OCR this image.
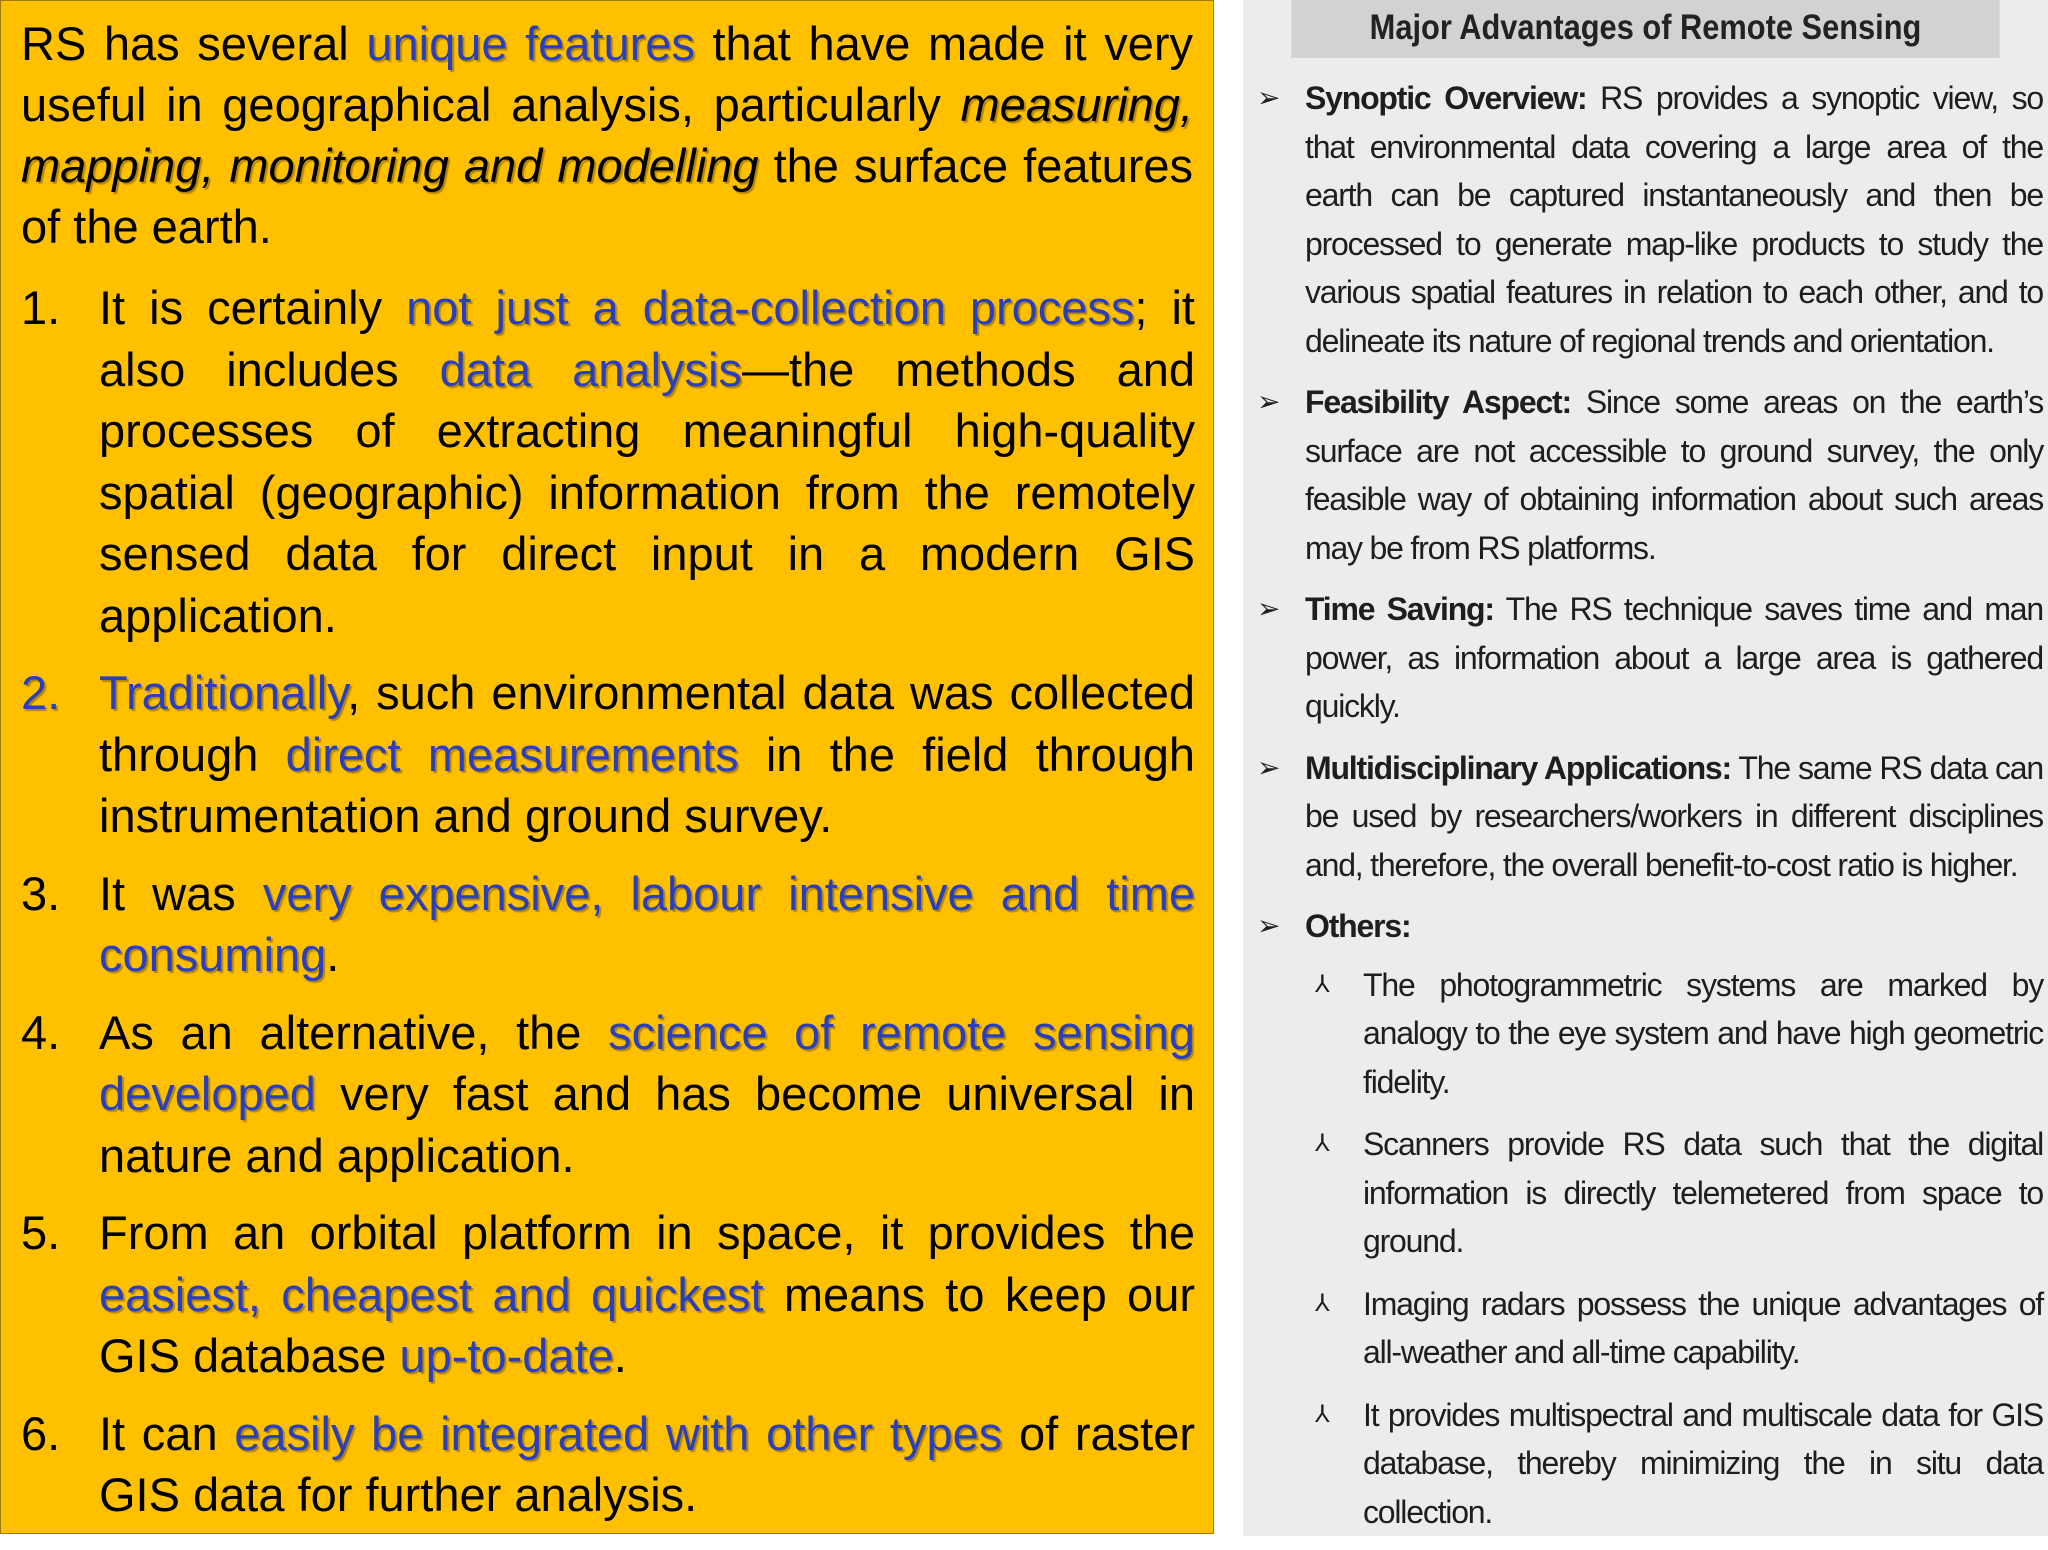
RS has several unique features that have made it very useful in geographical analysis, particularly measuring, mapping, monitoring and modelling the surface features of the earth.

1. It is certainly not just a data-collection process; it also includes data analysis—the methods and processes of extracting meaningful high-quality spatial (geographic) information from the remotely sensed data for direct input in a modern GIS application.
2. Traditionally, such environmental data was collected through direct measurements in the field through instrumentation and ground survey.
3. It was very expensive, labour intensive and time consuming.
4. As an alternative, the science of remote sensing developed very fast and has become universal in nature and application.
5. From an orbital platform in space, it provides the easiest, cheapest and quickest means to keep our GIS database up-to-date.
6. It can easily be integrated with other types of raster GIS data for further analysis.
Major Advantages of Remote Sensing
➢ Synoptic Overview: RS provides a synoptic view, so that environmental data covering a large area of the earth can be captured instantaneously and then be processed to generate map-like products to study the various spatial features in relation to each other, and to delineate its nature of regional trends and orientation.
➢ Feasibility Aspect: Since some areas on the earth’s surface are not accessible to ground survey, the only feasible way of obtaining information about such areas may be from RS platforms.
➢ Time Saving: The RS technique saves time and man power, as information about a large area is gathered quickly.
➢ Multidisciplinary Applications: The same RS data can be used by researchers/workers in different disciplines and, therefore, the overall benefit-to-cost ratio is higher.
➢ Others:
⅄ The photogrammetric systems are marked by analogy to the eye system and have high geometric fidelity.
⅄ Scanners provide RS data such that the digital information is directly telemetered from space to ground.
⅄ Imaging radars possess the unique advantages of all-weather and all-time capability.
⅄ It provides multispectral and multiscale data for GIS database, thereby minimizing the in situ data collection.
